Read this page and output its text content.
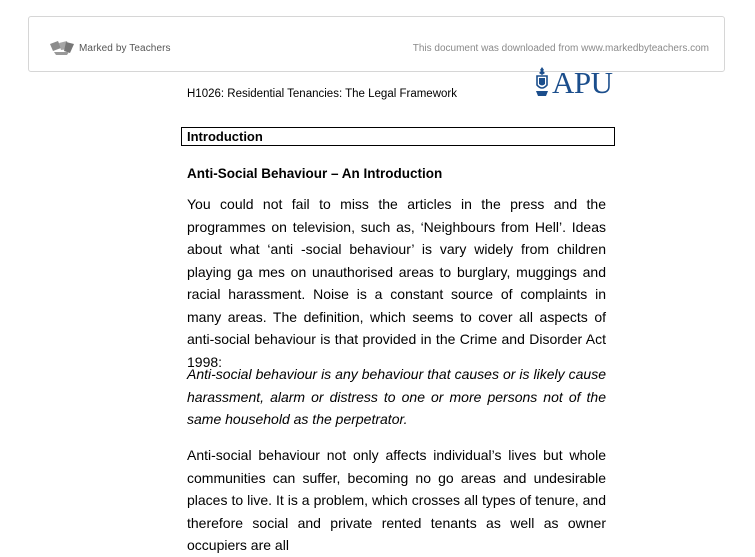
Marked by Teachers	This document was downloaded from www.markedbyteachers.com
H1026: Residential Tenancies: The Legal Framework	APU
Introduction
Anti-Social Behaviour – An Introduction

You could not fail to miss the articles in the press and the programmes on television, such as, ‘Neighbours from Hell’. Ideas about what ‘anti -social behaviour’ is vary widely from children playing ga mes on unauthorised areas to burglary, muggings and racial harassment. Noise is a constant source of complaints in many areas. The definition, which seems to cover all aspects of anti-social behaviour is that provided in the Crime and Disorder Act 1998:

Anti-social behaviour is any behaviour that causes or is likely cause harassment, alarm or distress to one or more persons not of the same household as the perpetrator.

Anti-social behaviour not only affects individual’s lives but whole communities can suffer, becoming no go areas and undesirable places to live. It is a problem, which crosses all types of tenure, and therefore social and private rented tenants as well as owner occupiers are all
